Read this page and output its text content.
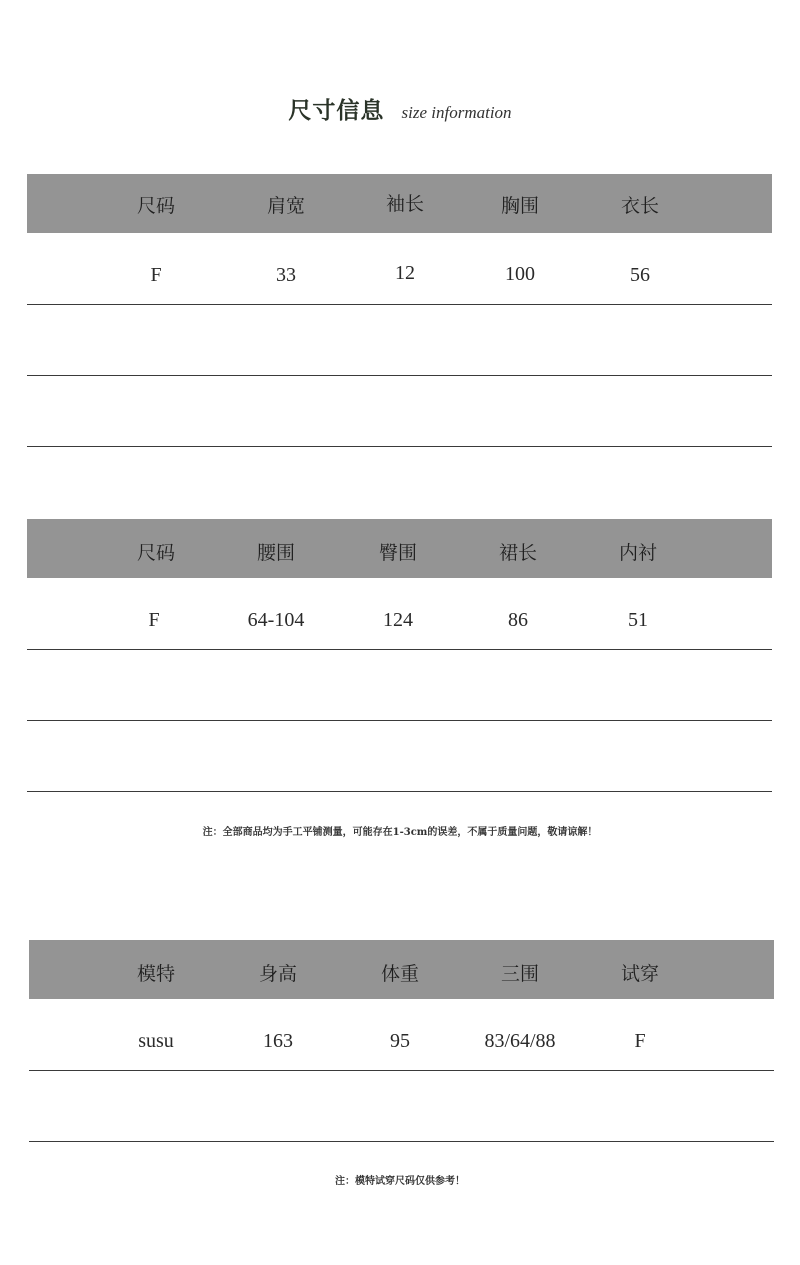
尺寸信息 size information
尺码	肩宽	袖长	胸围	衣长
F	33	12	100	56
尺码	腰围	臀围	裙长	内衬
F	64-104	124	86	51
注：全部商品均为手工平铺测量，可能存在1-3cm的误差，不属于质量问题，敬请谅解！
模特	身高	体重	三围	试穿
susu	163	95	83/64/88	F
注：模特试穿尺码仅供参考！
